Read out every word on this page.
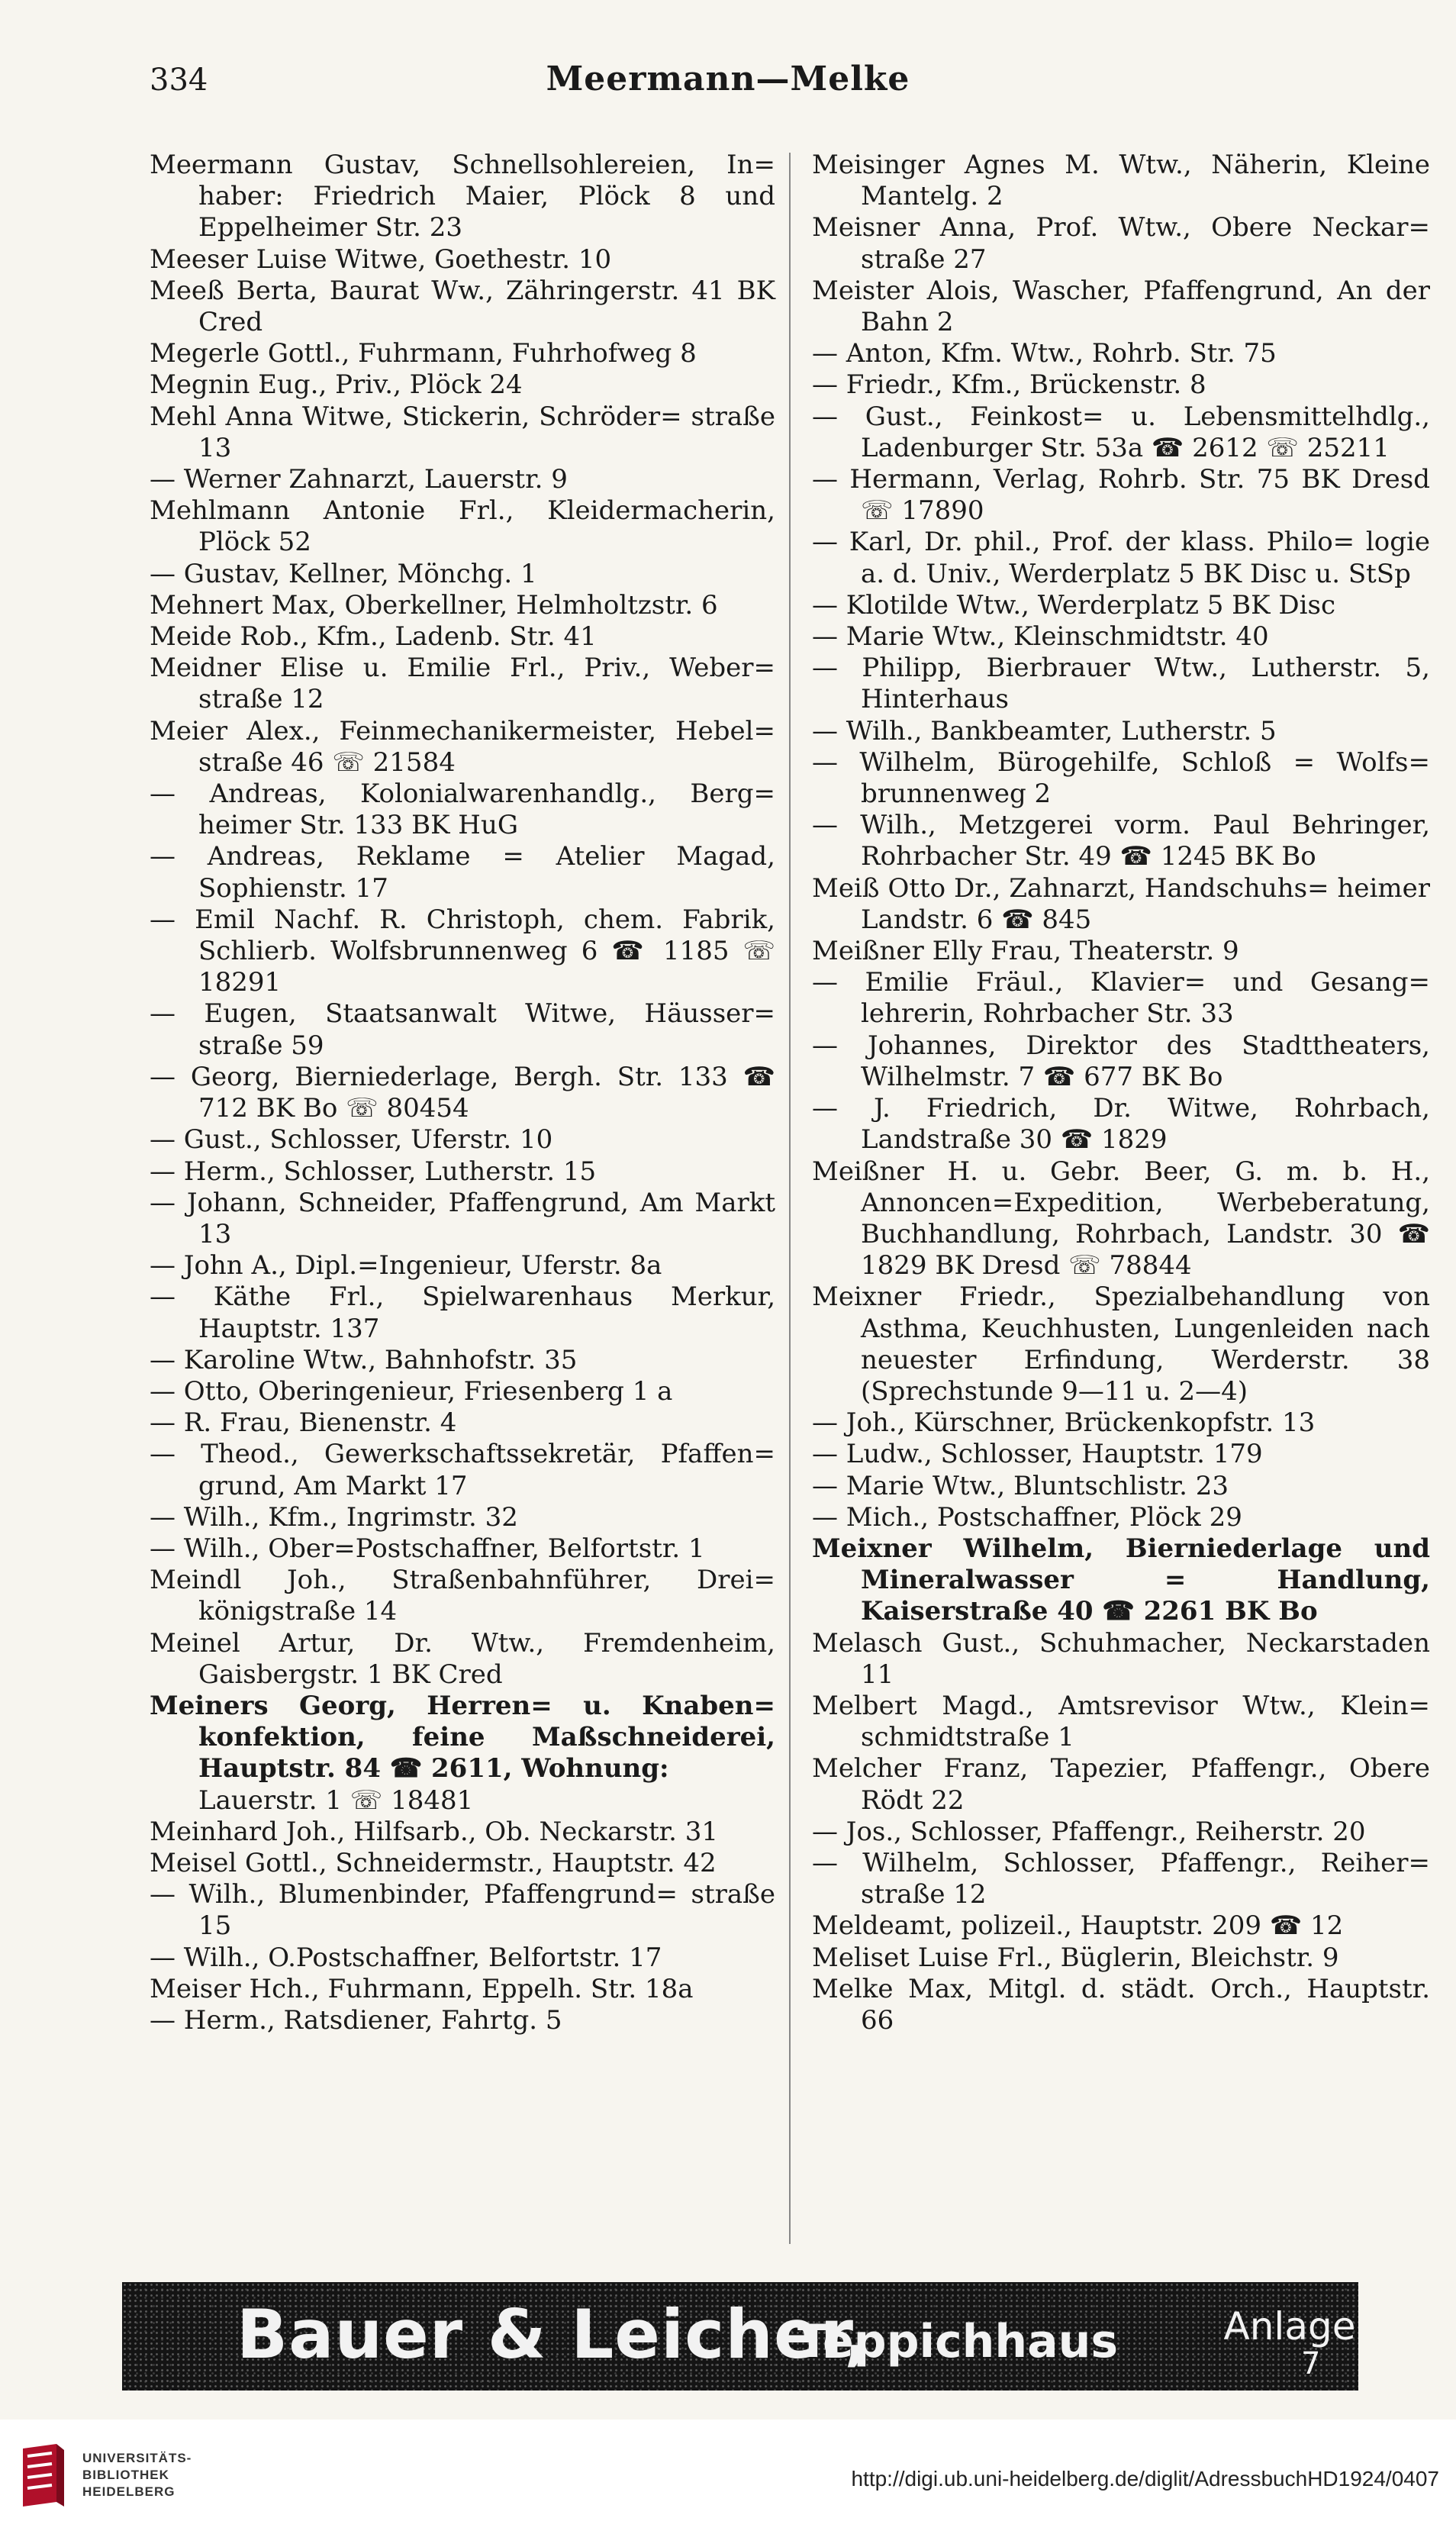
334	Meermann—Melke
Meermann Gustav, Schnellsohlereien, In= haber: Friedrich Maier, Plöck 8 und Eppelheimer Str. 23
Meeser Luise Witwe, Goethestr. 10
Meeß Berta, Baurat Ww., Zähringerstr. 41 BK Cred
Megerle Gottl., Fuhrmann, Fuhrhofweg 8
Megnin Eug., Priv., Plöck 24
Mehl Anna Witwe, Stickerin, Schröder= straße 13
— Werner Zahnarzt, Lauerstr. 9
Mehlmann Antonie Frl., Kleidermacherin, Plöck 52
— Gustav, Kellner, Mönchg. 1
Mehnert Max, Oberkellner, Helmholtzstr. 6
Meide Rob., Kfm., Ladenb. Str. 41
Meidner Elise u. Emilie Frl., Priv., Weber= straße 12
Meier Alex., Feinmechanikermeister, Hebel= straße 46 ☏ 21584
— Andreas, Kolonialwarenhandlg., Berg= heimer Str. 133 BK HuG
— Andreas, Reklame = Atelier Magad, Sophienstr. 17
— Emil Nachf. R. Christoph, chem. Fabrik, Schlierb. Wolfsbrunnenweg 6 ☎ 1185 ☏ 18291
— Eugen, Staatsanwalt Witwe, Häusser= straße 59
— Georg, Bierniederlage, Bergh. Str. 133 ☎ 712 BK Bo ☏ 80454
— Gust., Schlosser, Uferstr. 10
— Herm., Schlosser, Lutherstr. 15
— Johann, Schneider, Pfaffengrund, Am Markt 13
— John A., Dipl.=Ingenieur, Uferstr. 8a
— Käthe Frl., Spielwarenhaus Merkur, Hauptstr. 137
— Karoline Wtw., Bahnhofstr. 35
— Otto, Oberingenieur, Friesenberg 1 a
— R. Frau, Bienenstr. 4
— Theod., Gewerkschaftssekretär, Pfaffen= grund, Am Markt 17
— Wilh., Kfm., Ingrimstr. 32
— Wilh., Ober=Postschaffner, Belfortstr. 1
Meindl Joh., Straßenbahnführer, Drei= königstraße 14
Meinel Artur, Dr. Wtw., Fremdenheim, Gaisbergstr. 1 BK Cred
Meiners Georg, Herren= u. Knaben= konfektion, feine Maßschneiderei, Hauptstr. 84 ☎ 2611, Wohnung:
Lauerstr. 1 ☏ 18481
Meinhard Joh., Hilfsarb., Ob. Neckarstr. 31
Meisel Gottl., Schneidermstr., Hauptstr. 42
— Wilh., Blumenbinder, Pfaffengrund= straße 15
— Wilh., O.Postschaffner, Belfortstr. 17
Meiser Hch., Fuhrmann, Eppelh. Str. 18a
— Herm., Ratsdiener, Fahrtg. 5
Meisinger Agnes M. Wtw., Näherin, Kleine Mantelg. 2
Meisner Anna, Prof. Wtw., Obere Neckar= straße 27
Meister Alois, Wascher, Pfaffengrund, An der Bahn 2
— Anton, Kfm. Wtw., Rohrb. Str. 75
— Friedr., Kfm., Brückenstr. 8
— Gust., Feinkost= u. Lebensmittelhdlg., Ladenburger Str. 53a ☎ 2612 ☏ 25211
— Hermann, Verlag, Rohrb. Str. 75 BK Dresd ☏ 17890
— Karl, Dr. phil., Prof. der klass. Philo= logie a. d. Univ., Werderplatz 5 BK Disc u. StSp
— Klotilde Wtw., Werderplatz 5 BK Disc
— Marie Wtw., Kleinschmidtstr. 40
— Philipp, Bierbrauer Wtw., Lutherstr. 5, Hinterhaus
— Wilh., Bankbeamter, Lutherstr. 5
— Wilhelm, Bürogehilfe, Schloß = Wolfs= brunnenweg 2
— Wilh., Metzgerei vorm. Paul Behringer, Rohrbacher Str. 49 ☎ 1245 BK Bo
Meiß Otto Dr., Zahnarzt, Handschuhs= heimer Landstr. 6 ☎ 845
Meißner Elly Frau, Theaterstr. 9
— Emilie Fräul., Klavier= und Gesang= lehrerin, Rohrbacher Str. 33
— Johannes, Direktor des Stadttheaters, Wilhelmstr. 7 ☎ 677 BK Bo
— J. Friedrich, Dr. Witwe, Rohrbach, Landstraße 30 ☎ 1829
Meißner H. u. Gebr. Beer, G. m. b. H., Annoncen=Expedition, Werbeberatung, Buchhandlung, Rohrbach, Landstr. 30 ☎ 1829 BK Dresd ☏ 78844
Meixner Friedr., Spezialbehandlung von Asthma, Keuchhusten, Lungenleiden nach neuester Erfindung, Werderstr. 38 (Sprechstunde 9—11 u. 2—4)
— Joh., Kürschner, Brückenkopfstr. 13
— Ludw., Schlosser, Hauptstr. 179
— Marie Wtw., Bluntschlistr. 23
— Mich., Postschaffner, Plöck 29
Meixner Wilhelm, Bierniederlage und Mineralwasser = Handlung, Kaiserstraße 40 ☎ 2261 BK Bo
Melasch Gust., Schuhmacher, Neckarstaden 11
Melbert Magd., Amtsrevisor Wtw., Klein= schmidtstraße 1
Melcher Franz, Tapezier, Pfaffengr., Obere Rödt 22
— Jos., Schlosser, Pfaffengr., Reiherstr. 20
— Wilhelm, Schlosser, Pfaffengr., Reiher= straße 12
Meldeamt, polizeil., Hauptstr. 209 ☎ 12
Meliset Luise Frl., Büglerin, Bleichstr. 9
Melke Max, Mitgl. d. städt. Orch., Hauptstr. 66
Bauer & Leicher,
Teppichhaus	Anlage
7
UNIVERSITÄTS-
BIBLIOTHEK
HEIDELBERG
http://digi.ub.uni-heidelberg.de/diglit/AdressbuchHD1924/0407
